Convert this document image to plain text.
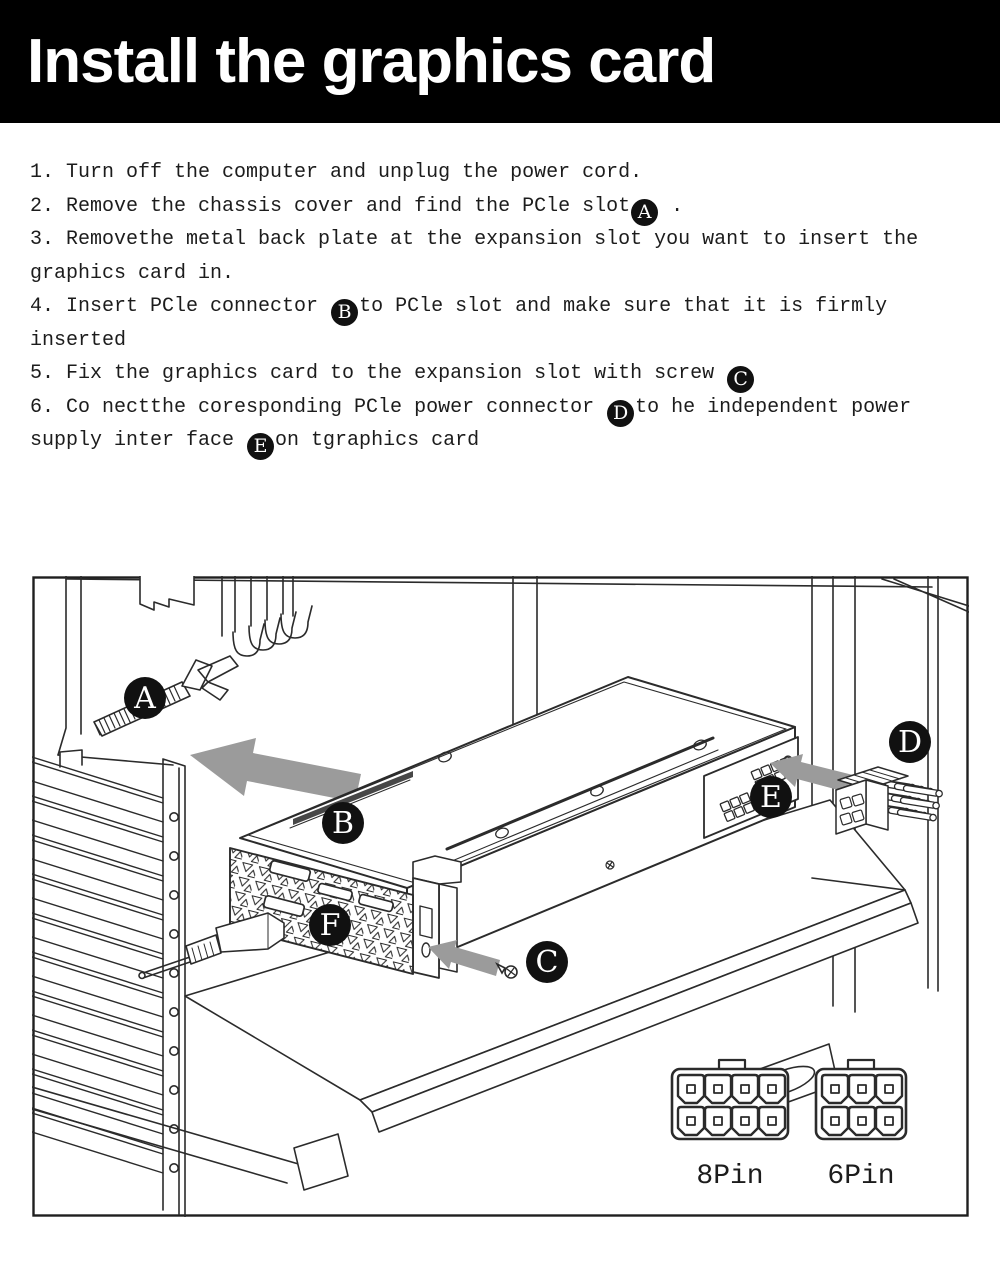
Install the graphics card
1. Turn off the computer and unplug the power cord.
2. Remove the chassis cover and find the PCle slot A .
3. Removethe metal back plate at the expansion slot you want to insert the
graphics card in.
4. Insert PCle connector B to PCle slot and make sure that it is firmly
inserted
5. Fix the graphics card to the expansion slot with screw C
6. Co nectthe coresponding PCle power connector D to he independent power
supply inter face E on tgraphics card
A
B
C
D
E
F
8Pin 6Pin
